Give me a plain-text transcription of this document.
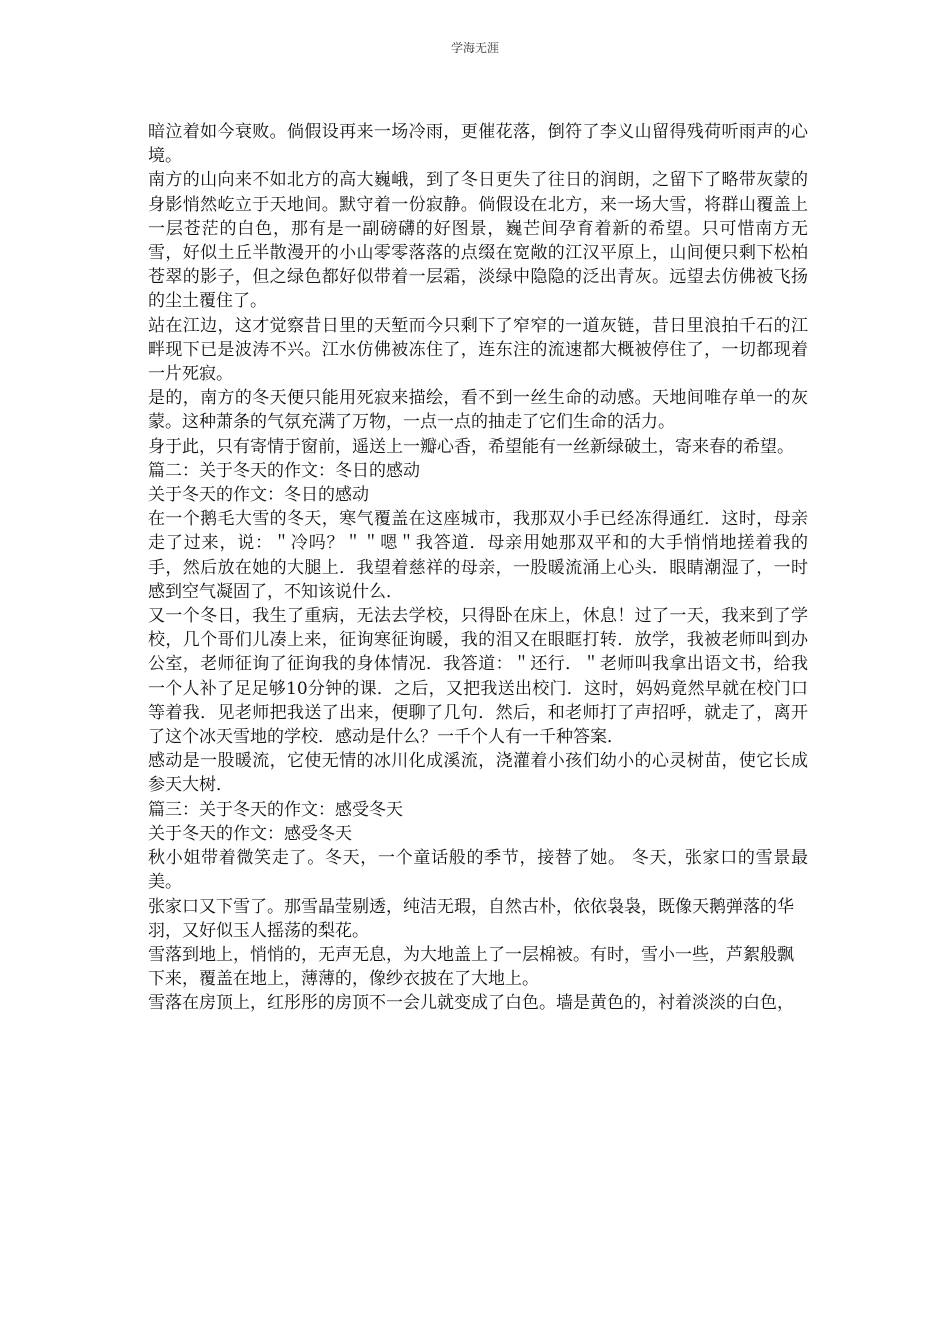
学海无涯

暗泣着如今衰败。倘假设再来一场冷雨，更催花落，倒符了李义山留得残荷听雨声的心境。

南方的山向来不如北方的高大巍峨，到了冬日更失了往日的润朗，之留下了略带灰蒙的身影悄然屹立于天地间。默守着一份寂静。倘假设在北方，来一场大雪，将群山覆盖上一层苍茫的白色，那有是一副磅礴的好图景，巍芒间孕育着新的希望。只可惜南方无雪，好似土丘半散漫开的小山零零落落的点缀在宽敞的江汉平原上，山间便只剩下松柏苍翠的影子，但之绿色都好似带着一层霜，淡绿中隐隐的泛出青灰。远望去仿佛被飞扬的尘土覆住了。

站在江边，这才觉察昔日里的天堑而今只剩下了窄窄的一道灰链，昔日里浪拍千石的江畔现下已是波涛不兴。江水仿佛被冻住了，连东注的流速都大概被停住了，一切都现着一片死寂。

是的，南方的冬天便只能用死寂来描绘，看不到一丝生命的动感。天地间唯存单一的灰蒙。这种萧条的气氛充满了万物，一点一点的抽走了它们生命的活力。

身于此，只有寄情于窗前，遥送上一瓣心香，希望能有一丝新绿破土，寄来春的希望。

篇二：关于冬天的作文：冬日的感动

关于冬天的作文：冬日的感动

在一个鹅毛大雪的冬天，寒气覆盖在这座城市，我那双小手已经冻得通红．这时，母亲走了过来，说：＂冷吗？＂＂嗯＂我答道．母亲用她那双平和的大手悄悄地搓着我的手，然后放在她的大腿上．我望着慈祥的母亲，一股暖流涌上心头．眼睛潮湿了，一时感到空气凝固了，不知该说什么．

又一个冬日，我生了重病，无法去学校，只得卧在床上，休息！过了一天，我来到了学校，几个哥们儿凑上来，征询寒征询暖，我的泪又在眼眶打转．放学，我被老师叫到办公室，老师征询了征询我的身体情况．我答道：＂还行．＂老师叫我拿出语文书，给我一个人补了足足够10分钟的课．之后，又把我送出校门．这时，妈妈竟然早就在校门口等着我．见老师把我送了出来，便聊了几句．然后，和老师打了声招呼，就走了，离开了这个冰天雪地的学校．感动是什么？一千个人有一千种答案．

感动是一股暖流，它使无情的冰川化成溪流，浇灌着小孩们幼小的心灵树苗，使它长成参天大树．

篇三：关于冬天的作文：感受冬天

关于冬天的作文：感受冬天

秋小姐带着微笑走了。冬天，一个童话般的季节，接替了她。 冬天，张家口的雪景最美。

张家口又下雪了。那雪晶莹剔透，纯洁无瑕，自然古朴，依依袅袅，既像天鹅弹落的华

羽，又好似玉人摇荡的梨花。

雪落到地上，悄悄的，无声无息，为大地盖上了一层棉被。有时，雪小一些，芦絮般飘

下来，覆盖在地上，薄薄的，像纱衣披在了大地上。

雪落在房顶上，红彤彤的房顶不一会儿就变成了白色。墙是黄色的，衬着淡淡的白色，
